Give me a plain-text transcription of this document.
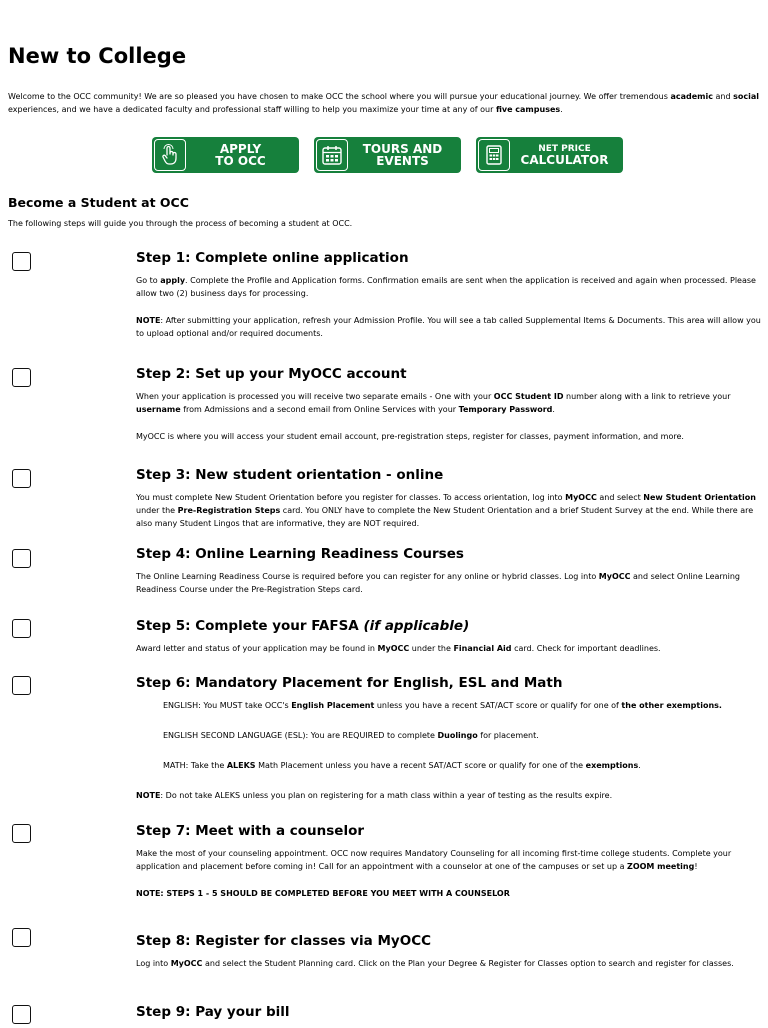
New to College

Welcome to the OCC community! We are so pleased you have chosen to make OCC the school where you will pursue your educational journey. We offer tremendous academic and social experiences, and we have a dedicated faculty and professional staff willing to help you maximize your time at any of our five campuses.

APPLY
TO OCC
TOURS AND
EVENTS
NET PRICE
CALCULATOR
Become a Student at OCC

The following steps will guide you through the process of becoming a student at OCC.

Step 1: Complete online application

Go to apply. Complete the Profile and Application forms. Confirmation emails are sent when the application is received and again when processed. Please allow two (2) business days for processing.

NOTE: After submitting your application, refresh your Admission Profile. You will see a tab called Supplemental Items & Documents. This area will allow you to upload optional and/or required documents.

Step 2: Set up your MyOCC account

When your application is processed you will receive two separate emails - One with your OCC Student ID number along with a link to retrieve your username from Admissions and a second email from Online Services with your Temporary Password.

MyOCC is where you will access your student email account, pre-registration steps, register for classes, payment information, and more.

Step 3: New student orientation - online

You must complete New Student Orientation before you register for classes. To access orientation, log into MyOCC and select New Student Orientation under the Pre-Registration Steps card. You ONLY have to complete the New Student Orientation and a brief Student Survey at the end. While there are also many Student Lingos that are informative, they are NOT required.

Step 4: Online Learning Readiness Courses

The Online Learning Readiness Course is required before you can register for any online or hybrid classes. Log into MyOCC and select Online Learning Readiness Course under the Pre-Registration Steps card.

Step 5: Complete your FAFSA (if applicable)

Award letter and status of your application may be found in MyOCC under the Financial Aid card. Check for important deadlines.

Step 6: Mandatory Placement for English, ESL and Math

ENGLISH: You MUST take OCC's English Placement unless you have a recent SAT/ACT score or qualify for one of the other exemptions.

ENGLISH SECOND LANGUAGE (ESL): You are REQUIRED to complete Duolingo for placement.

MATH: Take the ALEKS Math Placement unless you have a recent SAT/ACT score or qualify for one of the exemptions.

NOTE: Do not take ALEKS unless you plan on registering for a math class within a year of testing as the results expire.

Step 7: Meet with a counselor

Make the most of your counseling appointment. OCC now requires Mandatory Counseling for all incoming first-time college students. Complete your application and placement before coming in! Call for an appointment with a counselor at one of the campuses or set up a ZOOM meeting!

NOTE: STEPS 1 - 5 SHOULD BE COMPLETED BEFORE YOU MEET WITH A COUNSELOR

Step 8: Register for classes via MyOCC

Log into MyOCC and select the Student Planning card. Click on the Plan your Degree & Register for Classes option to search and register for classes.

Step 9: Pay your bill
